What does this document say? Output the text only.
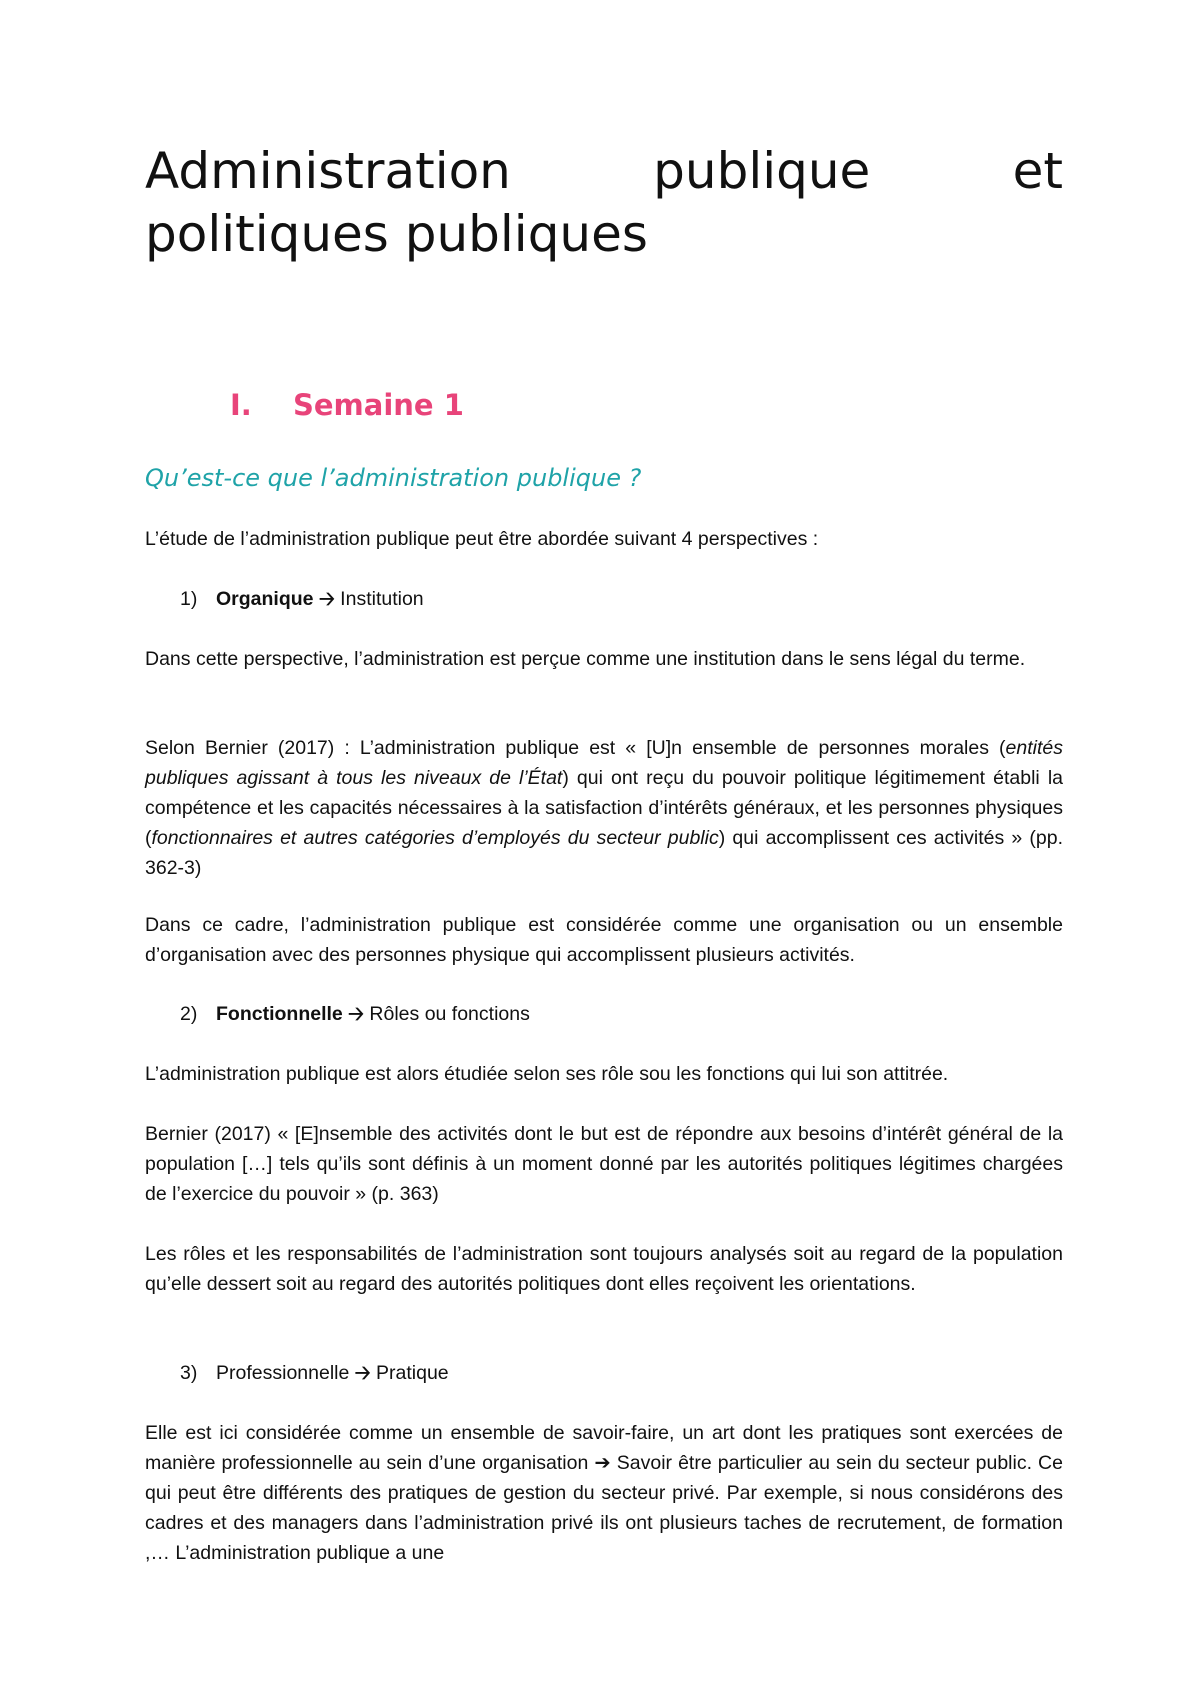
Administration	publique	et
politiques publiques
I. Semaine 1
Qu’est-ce que l’administration publique ?

L’étude de l’administration publique peut être abordée suivant 4 perspectives :

1) Organique 🡢 Institution

Dans cette perspective, l’administration est perçue comme une institution dans le sens légal du terme.

Selon Bernier (2017) : L’administration publique est « [U]n ensemble de personnes morales (entités publiques agissant à tous les niveaux de l’État) qui ont reçu du pouvoir politique légitimement établi la compétence et les capacités nécessaires à la satisfaction d’intérêts généraux, et les personnes physiques (fonctionnaires et autres catégories d’employés du secteur public) qui accomplissent ces activités » (pp. 362-3)

Dans ce cadre, l’administration publique est considérée comme une organisation ou un ensemble d’organisation avec des personnes physique qui accomplissent plusieurs activités.

2) Fonctionnelle 🡢 Rôles ou fonctions

L’administration publique est alors étudiée selon ses rôle sou les fonctions qui lui son attitrée.

Bernier (2017) « [E]nsemble des activités dont le but est de répondre aux besoins d’intérêt général de la population […] tels qu’ils sont définis à un moment donné par les autorités politiques légitimes chargées de l’exercice du pouvoir » (p. 363)

Les rôles et les responsabilités de l’administration sont toujours analysés soit au regard de la population qu’elle dessert soit au regard des autorités politiques dont elles reçoivent les orientations.

3) Professionnelle 🡢 Pratique

Elle est ici considérée comme un ensemble de savoir-faire, un art dont les pratiques sont exercées de manière professionnelle au sein d’une organisation ➔ Savoir être particulier au sein du secteur public. Ce qui peut être différents des pratiques de gestion du secteur privé. Par exemple, si nous considérons des cadres et des managers dans l’administration privé ils ont plusieurs taches de recrutement, de formation ,… L’administration publique a une
